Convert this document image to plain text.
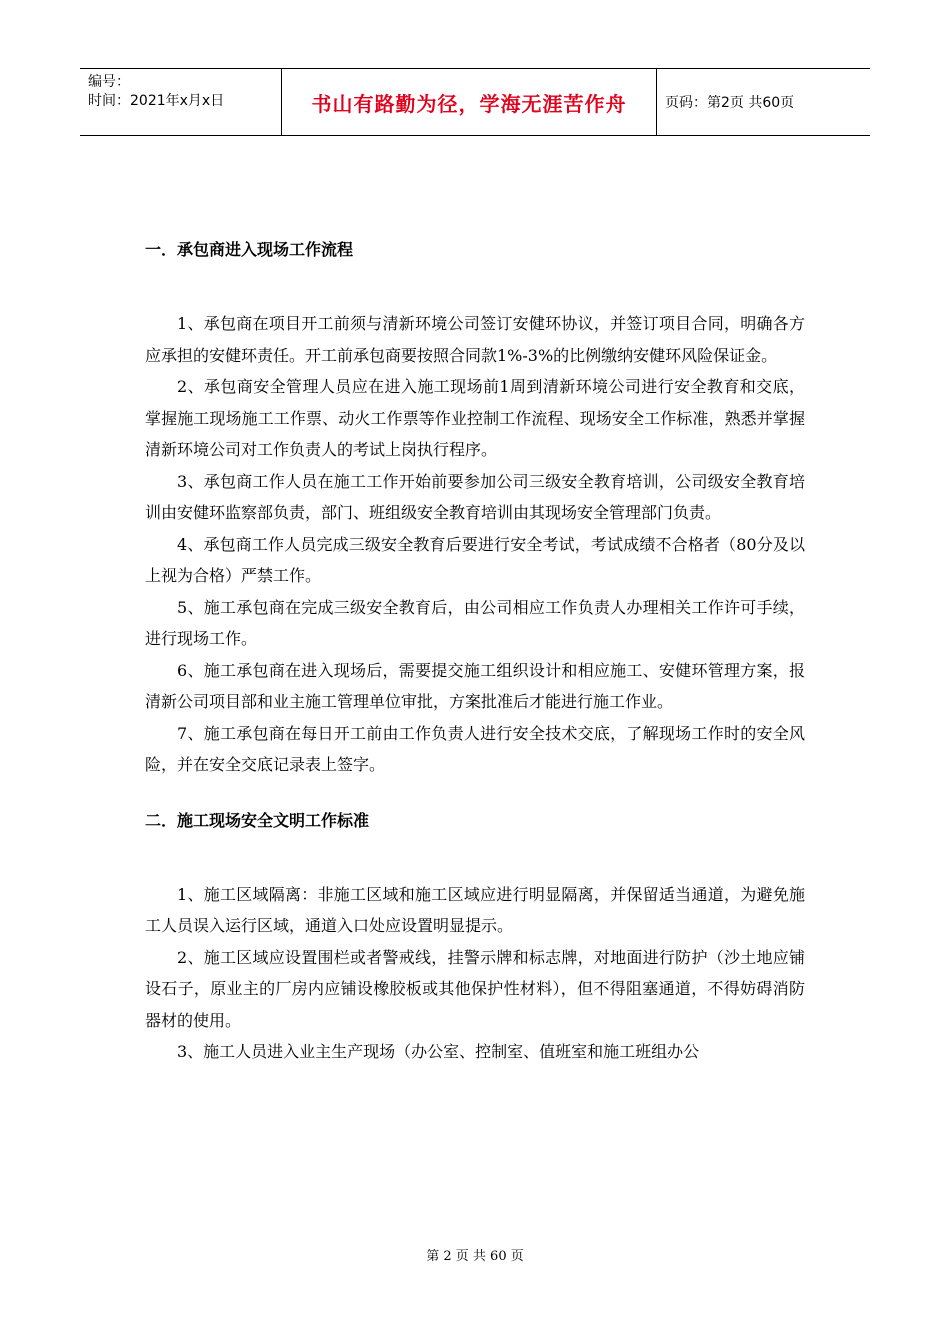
编号：
时间：2021年x月x日	书山有路勤为径，学海无涯苦作舟	页码：第2页 共60页
一．承包商进入现场工作流程

1、承包商在项目开工前须与清新环境公司签订安健环协议，并签订项目合同，明确各方应承担的安健环责任。开工前承包商要按照合同款1%-3%的比例缴纳安健环风险保证金。

2、承包商安全管理人员应在进入施工现场前1周到清新环境公司进行安全教育和交底，掌握施工现场施工工作票、动火工作票等作业控制工作流程、现场安全工作标准，熟悉并掌握清新环境公司对工作负责人的考试上岗执行程序。

3、承包商工作人员在施工工作开始前要参加公司三级安全教育培训，公司级安全教育培训由安健环监察部负责，部门、班组级安全教育培训由其现场安全管理部门负责。

4、承包商工作人员完成三级安全教育后要进行安全考试，考试成绩不合格者（80分及以上视为合格）严禁工作。

5、施工承包商在完成三级安全教育后，由公司相应工作负责人办理相关工作许可手续，进行现场工作。

6、施工承包商在进入现场后，需要提交施工组织设计和相应施工、安健环管理方案，报清新公司项目部和业主施工管理单位审批，方案批准后才能进行施工作业。

7、施工承包商在每日开工前由工作负责人进行安全技术交底，了解现场工作时的安全风险，并在安全交底记录表上签字。

二．施工现场安全文明工作标准

1、施工区域隔离：非施工区域和施工区域应进行明显隔离，并保留适当通道，为避免施工人员误入运行区域，通道入口处应设置明显提示。

2、施工区域应设置围栏或者警戒线，挂警示牌和标志牌，对地面进行防护（沙土地应铺设石子，原业主的厂房内应铺设橡胶板或其他保护性材料），但不得阻塞通道，不得妨碍消防器材的使用。

3、施工人员进入业主生产现场（办公室、控制室、值班室和施工班组办公

第 2 页 共 60 页
